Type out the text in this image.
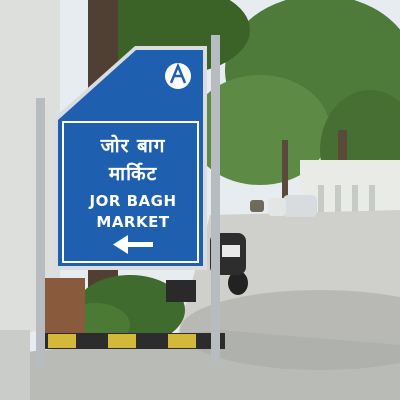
जोर बाग
मार्किट
JOR BAGH
MARKET
